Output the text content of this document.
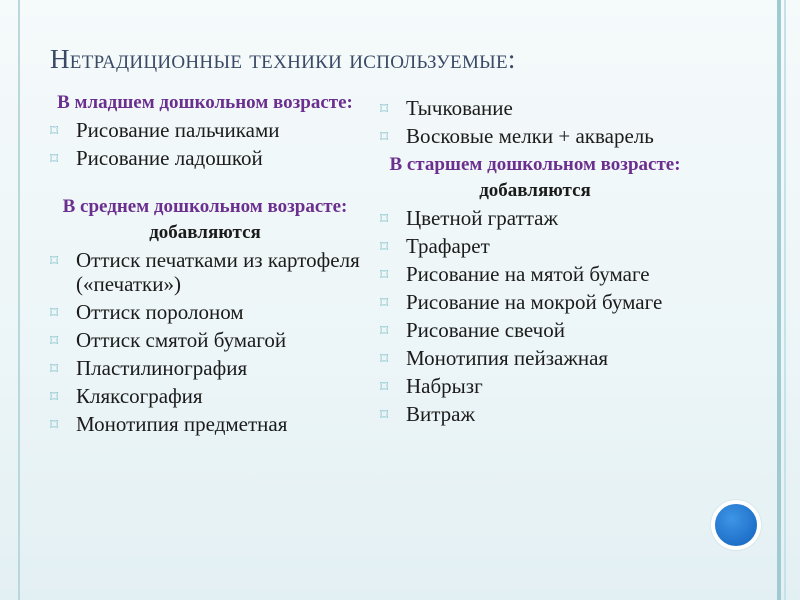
Нетрадиционные техники используемые:

В младшем дошкольном возрасте:

⌑ Рисование пальчиками
⌑ Рисование ладошкой

В среднем дошкольном возрасте:

добавляются

⌑ Оттиск печатками из картофеля («печатки»)
⌑ Оттиск поролоном
⌑ Оттиск смятой бумагой
⌑ Пластилинография
⌑ Кляксография
⌑ Монотипия предметная
⌑ Тычкование
⌑ Восковые мелки + акварель

В старшем дошкольном возрасте:

добавляются

⌑ Цветной граттаж
⌑ Трафарет
⌑ Рисование на мятой бумаге
⌑ Рисование на мокрой бумаге
⌑ Рисование свечой
⌑ Монотипия пейзажная
⌑ Набрызг
⌑ Витраж
